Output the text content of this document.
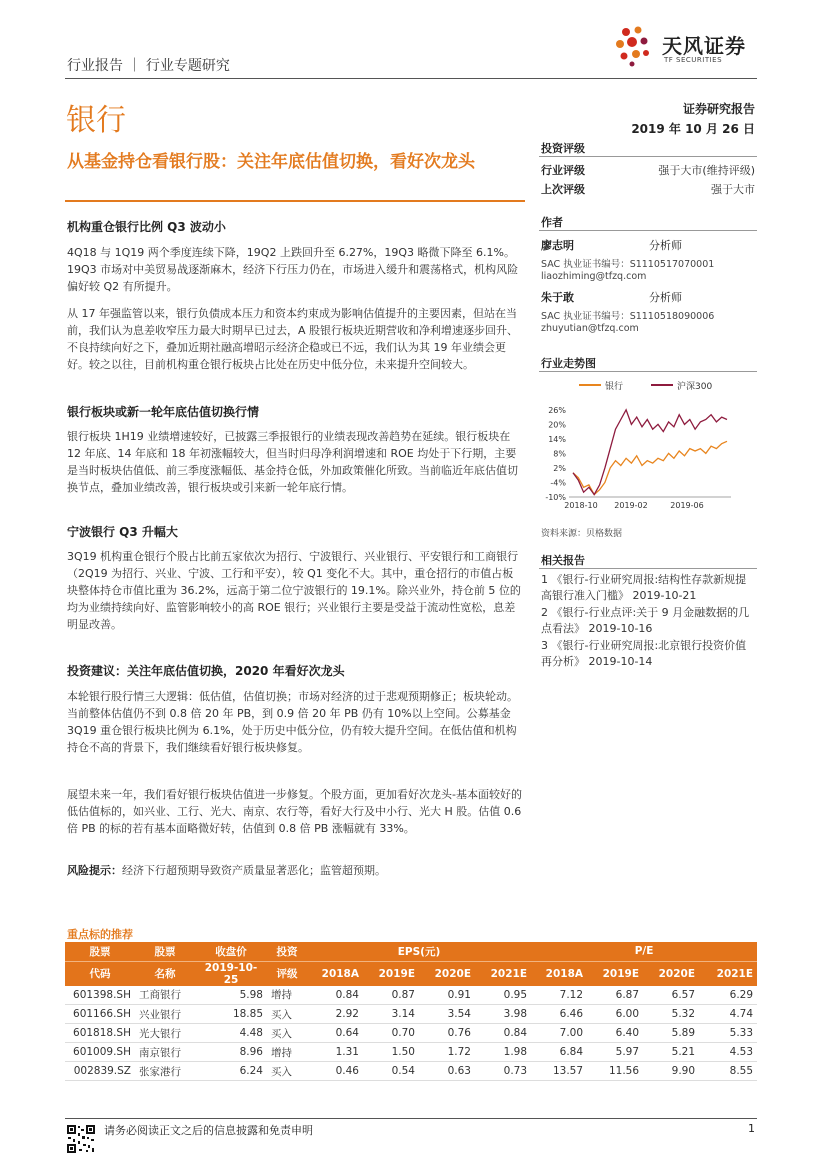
行业报告 ｜ 行业专题研究
天风证券
TF SECURITIES
银行	证券研究报告
2019 年 10 月 26 日
从基金持仓看银行股：关注年底估值切换，看好次龙头
机构重仓银行比例 Q3 波动小
4Q18 与 1Q19 两个季度连续下降，19Q2 上跌回升至 6.27%，19Q3 略微下降至 6.1%。19Q3 市场对中美贸易战逐渐麻木，经济下行压力仍在，市场进入缓升和震荡格式，机构风险偏好较 Q2 有所提升。
从 17 年强监管以来，银行负债成本压力和资本约束成为影响估值提升的主要因素，但站在当前，我们认为息差收窄压力最大时期早已过去，A 股银行板块近期营收和净利增速逐步回升、不良持续向好之下，叠加近期社融高增昭示经济企稳或已不远，我们认为其 19 年业绩会更好。较之以往，目前机构重仓银行板块占比处在历史中低分位，未来提升空间较大。
银行板块或新一轮年底估值切换行情
银行板块 1H19 业绩增速较好，已披露三季报银行的业绩表现改善趋势在延续。银行板块在 12 年底、14 年底和 18 年初涨幅较大，但当时归母净利润增速和 ROE 均处于下行期，主要是当时板块估值低、前三季度涨幅低、基金持仓低，外加政策催化所致。当前临近年底估值切换节点，叠加业绩改善，银行板块或引来新一轮年底行情。
宁波银行 Q3 升幅大
3Q19 机构重仓银行个股占比前五家依次为招行、宁波银行、兴业银行、平安银行和工商银行（2Q19 为招行、兴业、宁波、工行和平安），较 Q1 变化不大。其中，重仓招行的市值占板块整体持仓市值比重为 36.2%，远高于第二位宁波银行的 19.1%。除兴业外，持仓前 5 位的均为业绩持续向好、监管影响较小的高 ROE 银行；兴业银行主要是受益于流动性宽松，息差明显改善。
投资建议：关注年底估值切换，2020 年看好次龙头
本轮银行股行情三大逻辑：低估值，估值切换；市场对经济的过于悲观预期修正；板块轮动。当前整体估值仍不到 0.8 倍 20 年 PB，到 0.9 倍 20 年 PB 仍有 10%以上空间。公募基金 3Q19 重仓银行板块比例为 6.1%，处于历史中低分位，仍有较大提升空间。在低估值和机构持仓不高的背景下，我们继续看好银行板块修复。
展望未来一年，我们看好银行板块估值进一步修复。个股方面，更加看好次龙头-基本面较好的低估值标的，如兴业、工行、光大、南京、农行等，看好大行及中小行、光大 H 股。估值 0.6 倍 PB 的标的若有基本面略微好转，估值到 0.8 倍 PB 涨幅就有 33%。
风险提示：经济下行超预期导致资产质量显著恶化；监管超预期。
投资评级
行业评级	强于大市(维持评级)
上次评级	强于大市
作者
廖志明	分析师
SAC 执业证书编号：S1110517070001
liaozhiming@tfzq.com
朱于敢	分析师
SAC 执业证书编号：S1110518090006
zhuyutian@tfzq.com
行业走势图
银行	沪深300
26%
20%
14%
8%
2%
-4%
-10%
2018-10 2019-02	2019-06
资料来源：贝格数据
相关报告
1 《银行-行业研究周报:结构性存款新规提高银行准入门槛》 2019-10-21
2 《银行-行业点评:关于 9 月金融数据的几点看法》 2019-10-16
3 《银行-行业研究周报:北京银行投资价值再分析》 2019-10-14
重点标的推荐
股票	股票	收盘价	投资	EPS(元)				P/E			
代码	名称	2019-10-25	评级	2018A	2019E	2020E	2021E	2018A	2019E	2020E	2021E
601398.SH	工商银行	5.98	增持	0.84	0.87	0.91	0.95	7.12	6.87	6.57	6.29
601166.SH	兴业银行	18.85	买入	2.92	3.14	3.54	3.98	6.46	6.00	5.32	4.74
601818.SH	光大银行	4.48	买入	0.64	0.70	0.76	0.84	7.00	6.40	5.89	5.33
601009.SH	南京银行	8.96	增持	1.31	1.50	1.72	1.98	6.84	5.97	5.21	4.53
002839.SZ	张家港行	6.24	买入	0.46	0.54	0.63	0.73	13.57	11.56	9.90	8.55
请务必阅读正文之后的信息披露和免责申明	1
